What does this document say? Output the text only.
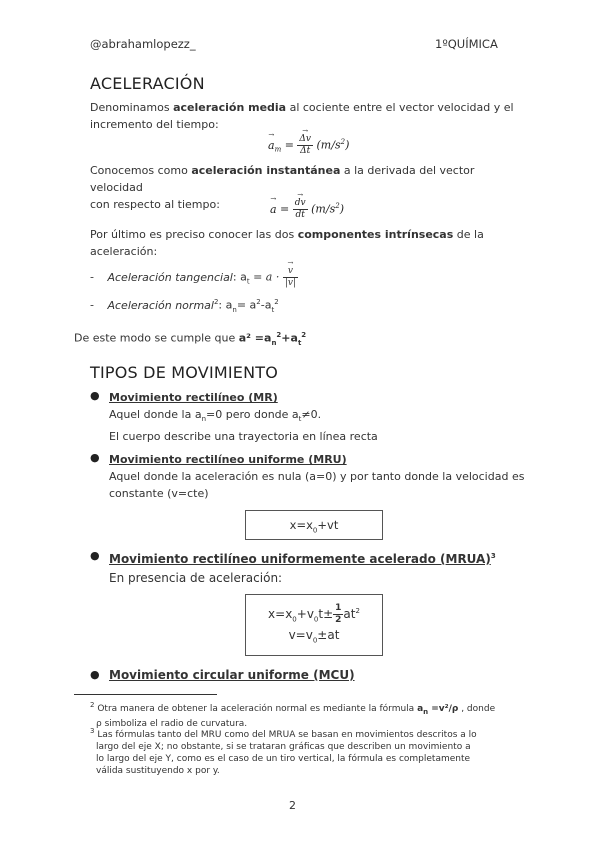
@abrahamlopezz_	1ºQUÍMICA
ACELERACIÓN
Denominamos aceleración media al cociente entre el vector velocidad y el
incremento del tiempo:
→ $a_m$ = → $\frac{\Delta v}{\Delta t} (m/s^2)$
Conocemos como aceleración instantánea a la derivada del vector velocidad
con respecto al tiempo:	→ a = → $\frac{dv}{dt} (m/s^2)$
Por último es preciso conocer las dos componentes intrínsecas de la
aceleración:
- Aceleración tangencial: $a_t = a$ · → $\frac{v}{|v|}$
- Aceleración normal$^2$: $a_n= a^2-a_t^2$
De este modo se cumple que $a^2 =a_n^2+a_t^2$
TIPOS DE MOVIMIENTO
● Movimiento rectilíneo (MR)
Aquel donde la $a_n=0$ pero donde $a_t\ne 0$.
El cuerpo describe una trayectoria en línea recta
● Movimiento rectilíneo uniforme (MRU)
Aquel donde la aceleración es nula (a=0) y por tanto donde la velocidad es
constante (v=cte)
$x=x_0+vt$
● Movimiento rectilíneo uniformemente acelerado (MRUA)$^3$
En presencia de aceleración:
$x=x_0+v_0t\pm \frac{1}{2} at^2$
$v=v_0\pm at$
● Movimiento circular uniforme (MCU)
$^2$ Otra manera de obtener la aceleración normal es mediante la fórmula $a_n =v^2/\rho$ , donde
ρ simboliza el radio de curvatura.
$^3$ Las fórmulas tanto del MRU como del MRUA se basan en movimientos descritos a lo
largo del eje X; no obstante, si se trataran gráficas que describen un movimiento a
lo largo del eje Y, como es el caso de un tiro vertical, la fórmula es completamente
válida sustituyendo x por y.
2
